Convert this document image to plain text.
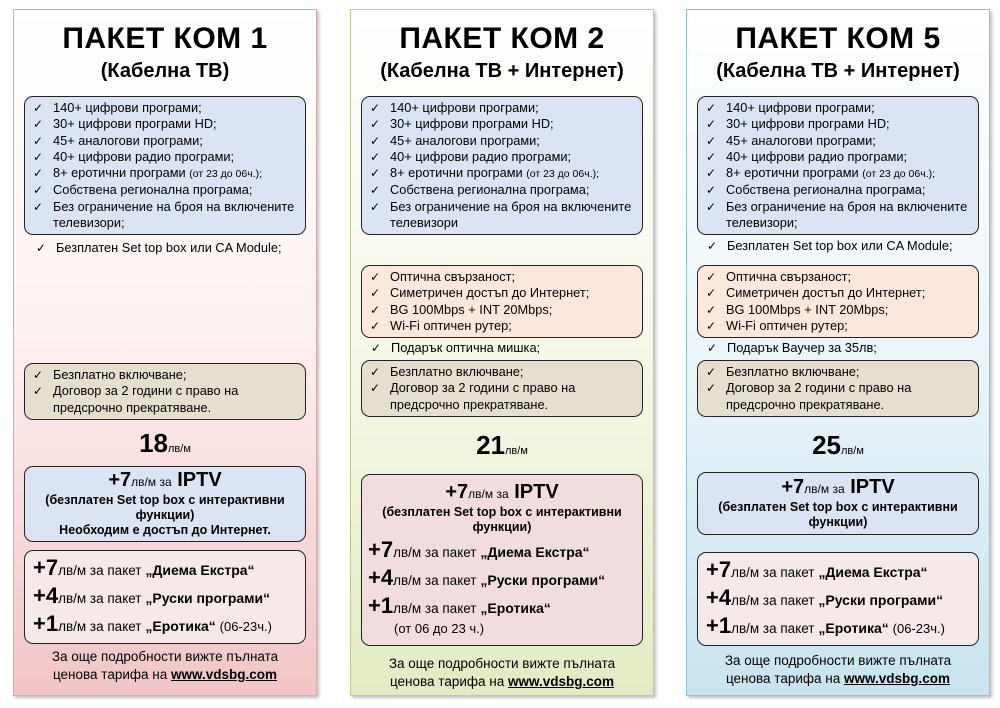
ПАКЕТ КОМ 1
(Кабелна ТВ)
✓ 140+ цифрови програми;
✓ 30+ цифрови програми HD;
✓ 45+ аналогови програми;
✓ 40+ цифрови радио програми;
✓ 8+ еротични програми (от 23 до 06ч.);
✓ Собствена регионална програма;
✓ Без ограничение на броя на включените телевизори;
✓ Безплатен Set top box или CA Module;
✓ Безплатно включване;
✓ Договор за 2 години с право на предсрочно прекратяване.
18лв/м
+7лв/м за IPTV
(безплатен Set top box с интерактивни функции)
Необходим е достъп до Интернет.
+7лв/м за пакет „Диема Екстра“
+4лв/м за пакет „Руски програми“
+1лв/м за пакет „Еротика“ (06-23ч.)
За още подробности вижте пълната
ценова тарифа на www.vdsbg.com
ПАКЕТ КОМ 2
(Кабелна ТВ + Интернет)
✓ 140+ цифрови програми;
✓ 30+ цифрови програми HD;
✓ 45+ аналогови програми;
✓ 40+ цифрови радио програми;
✓ 8+ еротични програми (от 23 до 06ч.);
✓ Собствена регионална програма;
✓ Без ограничение на броя на включените телевизори
✓ Оптична свързаност;
✓ Симетричен достъп до Интернет;
✓ BG 100Mbps + INT 20Mbps;
✓ Wi-Fi оптичен рутер;
✓ Подарък оптична мишка;
✓ Безплатно включване;
✓ Договор за 2 години с право на предсрочно прекратяване.
21лв/м
+7лв/м за IPTV
(безплатен Set top box с интерактивни функции)
+7лв/м за пакет „Диема Екстра“
+4лв/м за пакет „Руски програми“
+1лв/м за пакет „Еротика“
(от 06 до 23 ч.)
За още подробности вижте пълната
ценова тарифа на www.vdsbg.com
ПАКЕТ КОМ 5
(Кабелна ТВ + Интернет)
✓ 140+ цифрови програми;
✓ 30+ цифрови програми HD;
✓ 45+ аналогови програми;
✓ 40+ цифрови радио програми;
✓ 8+ еротични програми (от 23 до 06ч.);
✓ Собствена регионална програма;
✓ Без ограничение на броя на включените телевизори;
✓ Безплатен Set top box или CA Module;
✓ Оптична свързаност;
✓ Симетричен достъп до Интернет;
✓ BG 100Mbps + INT 20Mbps;
✓ Wi-Fi оптичен рутер;
✓ Подарък Ваучер за 35лв;
✓ Безплатно включване;
✓ Договор за 2 години с право на предсрочно прекратяване.
25лв/м
+7лв/м за IPTV
(безплатен Set top box с интерактивни функции)
+7лв/м за пакет „Диема Екстра“
+4лв/м за пакет „Руски програми“
+1лв/м за пакет „Еротика“ (06-23ч.)
За още подробности вижте пълната
ценова тарифа на www.vdsbg.com
